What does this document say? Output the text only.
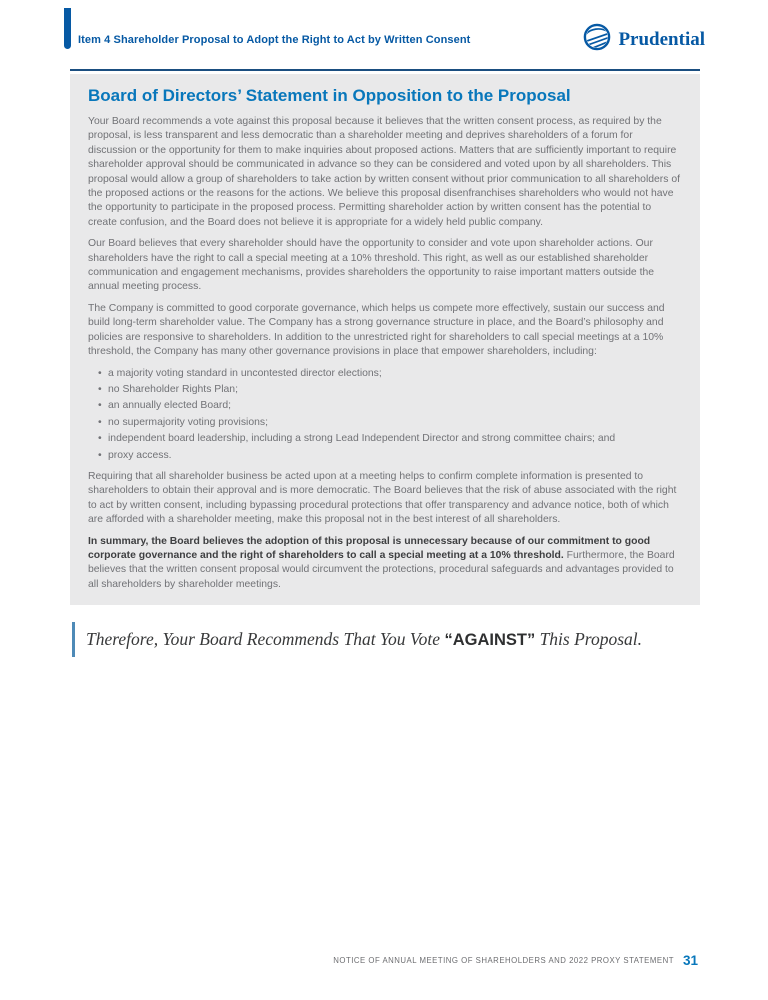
Item 4 Shareholder Proposal to Adopt the Right to Act by Written Consent	Prudential
Board of Directors’ Statement in Opposition to the Proposal

Your Board recommends a vote against this proposal because it believes that the written consent process, as required by the proposal, is less transparent and less democratic than a shareholder meeting and deprives shareholders of a forum for discussion or the opportunity for them to make inquiries about proposed actions. Matters that are sufficiently important to require shareholder approval should be communicated in advance so they can be considered and voted upon by all shareholders. This proposal would allow a group of shareholders to take action by written consent without prior communication to all shareholders of the proposed actions or the reasons for the actions. We believe this proposal disenfranchises shareholders who would not have the opportunity to participate in the proposed process. Permitting shareholder action by written consent has the potential to create confusion, and the Board does not believe it is appropriate for a widely held public company.

Our Board believes that every shareholder should have the opportunity to consider and vote upon shareholder actions. Our shareholders have the right to call a special meeting at a 10% threshold. This right, as well as our established shareholder communication and engagement mechanisms, provides shareholders the opportunity to raise important matters outside the annual meeting process.

The Company is committed to good corporate governance, which helps us compete more effectively, sustain our success and build long-term shareholder value. The Company has a strong governance structure in place, and the Board’s philosophy and policies are responsive to shareholders. In addition to the unrestricted right for shareholders to call special meetings at a 10% threshold, the Company has many other governance provisions in place that empower shareholders, including:

• a majority voting standard in uncontested director elections;
• no Shareholder Rights Plan;
• an annually elected Board;
• no supermajority voting provisions;
• independent board leadership, including a strong Lead Independent Director and strong committee chairs; and
• proxy access.

Requiring that all shareholder business be acted upon at a meeting helps to confirm complete information is presented to shareholders to obtain their approval and is more democratic. The Board believes that the risk of abuse associated with the right to act by written consent, including bypassing procedural protections that offer transparency and advance notice, both of which are afforded with a shareholder meeting, make this proposal not in the best interest of all shareholders.

In summary, the Board believes the adoption of this proposal is unnecessary because of our commitment to good corporate governance and the right of shareholders to call a special meeting at a 10% threshold. Furthermore, the Board believes that the written consent proposal would circumvent the protections, procedural safeguards and advantages provided to all shareholders by shareholder meetings.

Therefore, Your Board Recommends That You Vote “AGAINST” This Proposal.
NOTICE OF ANNUAL MEETING OF SHAREHOLDERS AND 2022 PROXY STATEMENT 31
